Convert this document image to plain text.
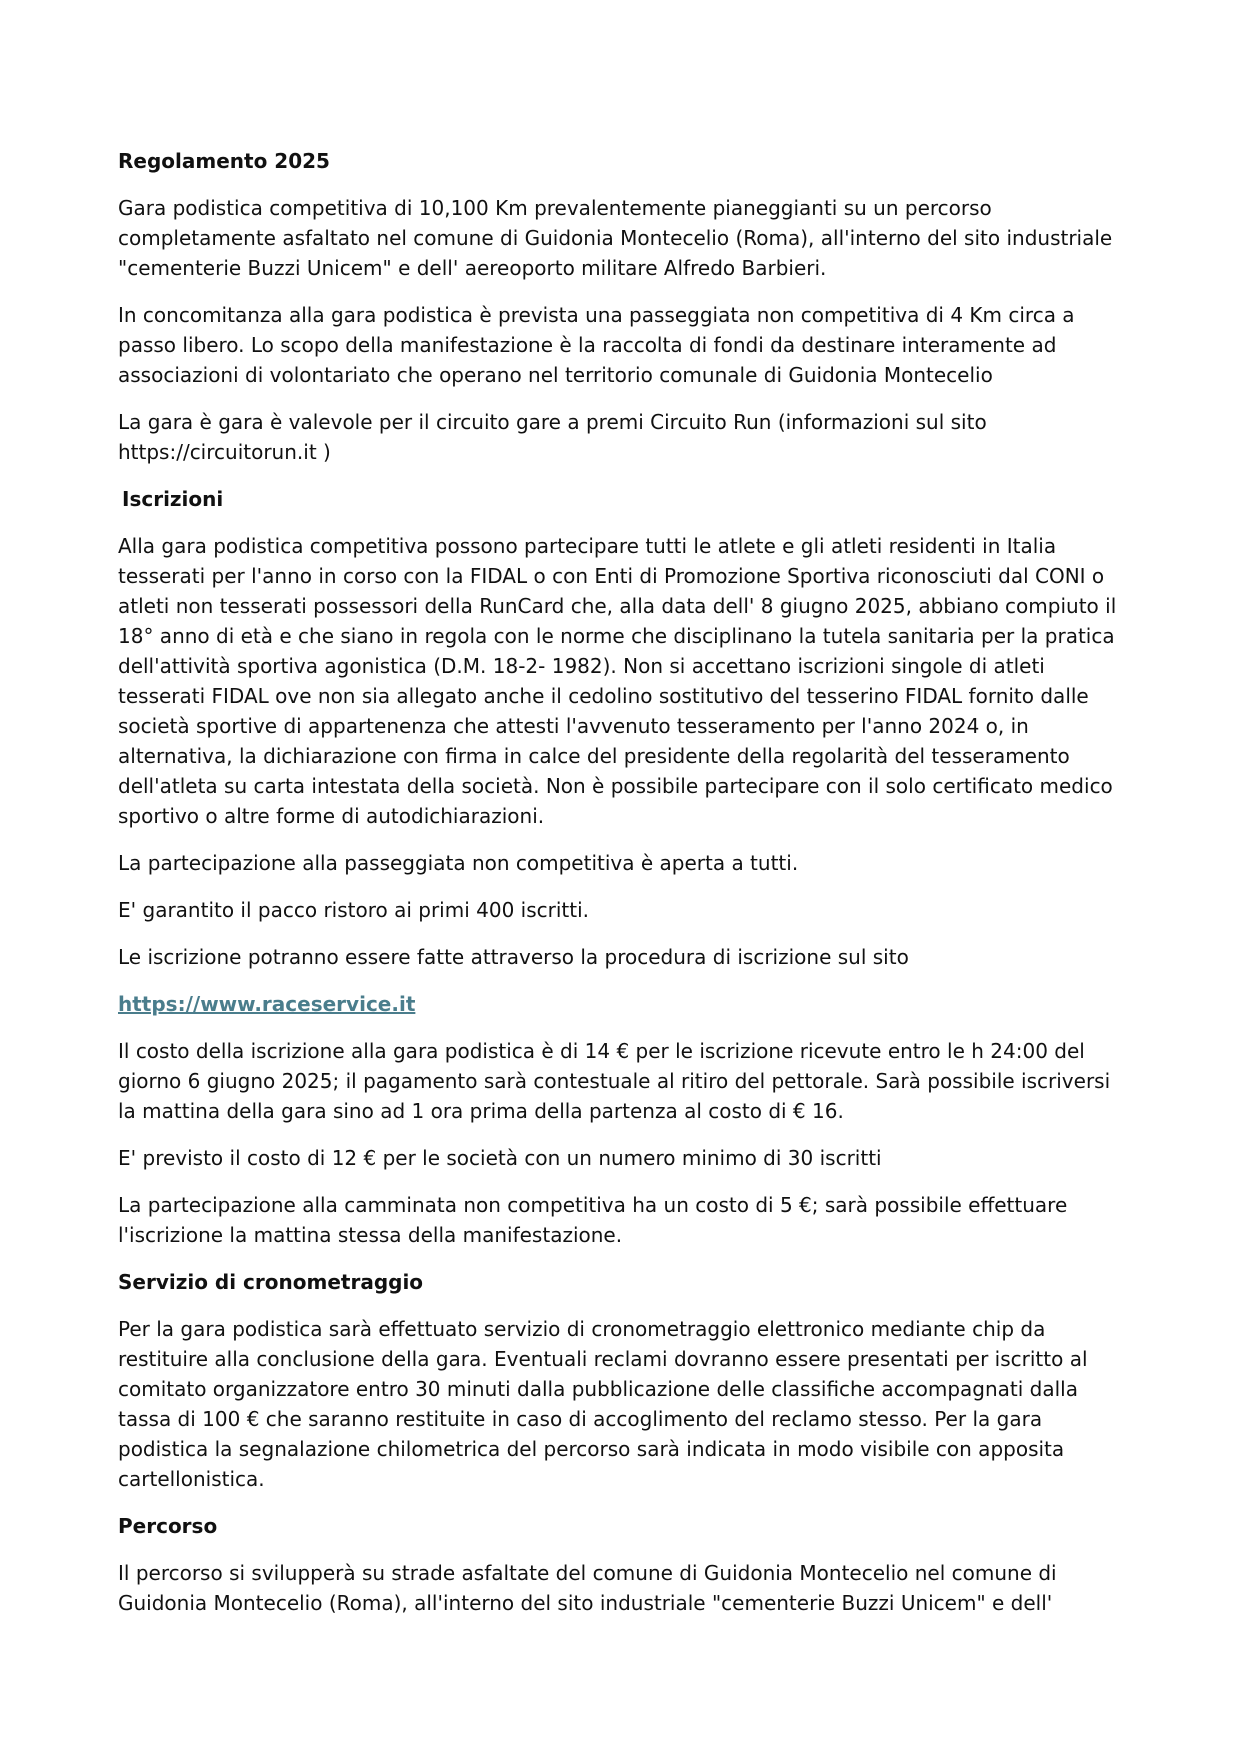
Regolamento 2025

Gara podistica competitiva di 10,100 Km prevalentemente pianeggianti su un percorso completamente asfaltato nel comune di Guidonia Montecelio (Roma), all'interno del sito industriale "cementerie Buzzi Unicem" e dell' aereoporto militare Alfredo Barbieri.

In concomitanza alla gara podistica è prevista una passeggiata non competitiva di 4 Km circa a passo libero. Lo scopo della manifestazione è la raccolta di fondi da destinare interamente ad associazioni di volontariato che operano nel territorio comunale di Guidonia Montecelio

La gara è gara è valevole per il circuito gare a premi Circuito Run (informazioni sul sito https://circuitorun.it )

Iscrizioni

Alla gara podistica competitiva possono partecipare tutti le atlete e gli atleti residenti in Italia tesserati per l'anno in corso con la FIDAL o con Enti di Promozione Sportiva riconosciuti dal CONI o atleti non tesserati possessori della RunCard che, alla data dell' 8 giugno 2025, abbiano compiuto il 18° anno di età e che siano in regola con le norme che disciplinano la tutela sanitaria per la pratica dell'attività sportiva agonistica (D.M. 18-2- 1982). Non si accettano iscrizioni singole di atleti tesserati FIDAL ove non sia allegato anche il cedolino sostitutivo del tesserino FIDAL fornito dalle società sportive di appartenenza che attesti l'avvenuto tesseramento per l'anno 2024 o, in alternativa, la dichiarazione con firma in calce del presidente della regolarità del tesseramento dell'atleta su carta intestata della società. Non è possibile partecipare con il solo certificato medico sportivo o altre forme di autodichiarazioni.

La partecipazione alla passeggiata non competitiva è aperta a tutti.

E' garantito il pacco ristoro ai primi 400 iscritti.

Le iscrizione potranno essere fatte attraverso la procedura di iscrizione sul sito

https://www.raceservice.it

Il costo della iscrizione alla gara podistica è di 14 € per le iscrizione ricevute entro le h 24:00 del giorno 6 giugno 2025; il pagamento sarà contestuale al ritiro del pettorale. Sarà possibile iscriversi la mattina della gara sino ad 1 ora prima della partenza al costo di € 16.

E' previsto il costo di 12 € per le società con un numero minimo di 30 iscritti

La partecipazione alla camminata non competitiva ha un costo di 5 €; sarà possibile effettuare l'iscrizione la mattina stessa della manifestazione.

Servizio di cronometraggio

Per la gara podistica sarà effettuato servizio di cronometraggio elettronico mediante chip da restituire alla conclusione della gara. Eventuali reclami dovranno essere presentati per iscritto al comitato organizzatore entro 30 minuti dalla pubblicazione delle classifiche accompagnati dalla tassa di 100 € che saranno restituite in caso di accoglimento del reclamo stesso. Per la gara podistica la segnalazione chilometrica del percorso sarà indicata in modo visibile con apposita cartellonistica.

Percorso

Il percorso si svilupperà su strade asfaltate del comune di Guidonia Montecelio nel comune di Guidonia Montecelio (Roma), all'interno del sito industriale "cementerie Buzzi Unicem" e dell'
